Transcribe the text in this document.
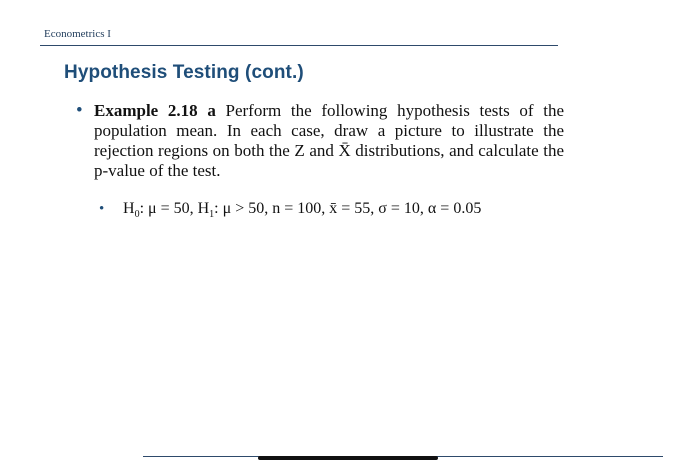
Econometrics I
Hypothesis Testing (cont.)
• Example 2.18 a Perform the following hypothesis tests of the population mean. In each case, draw a picture to illustrate the rejection regions on both the Z and X̄ distributions, and calculate the p-value of the test.
• $H_0$: μ = 50, $H_1$: μ > 50, n = 100, x̄ = 55, σ = 10, α = 0.05
